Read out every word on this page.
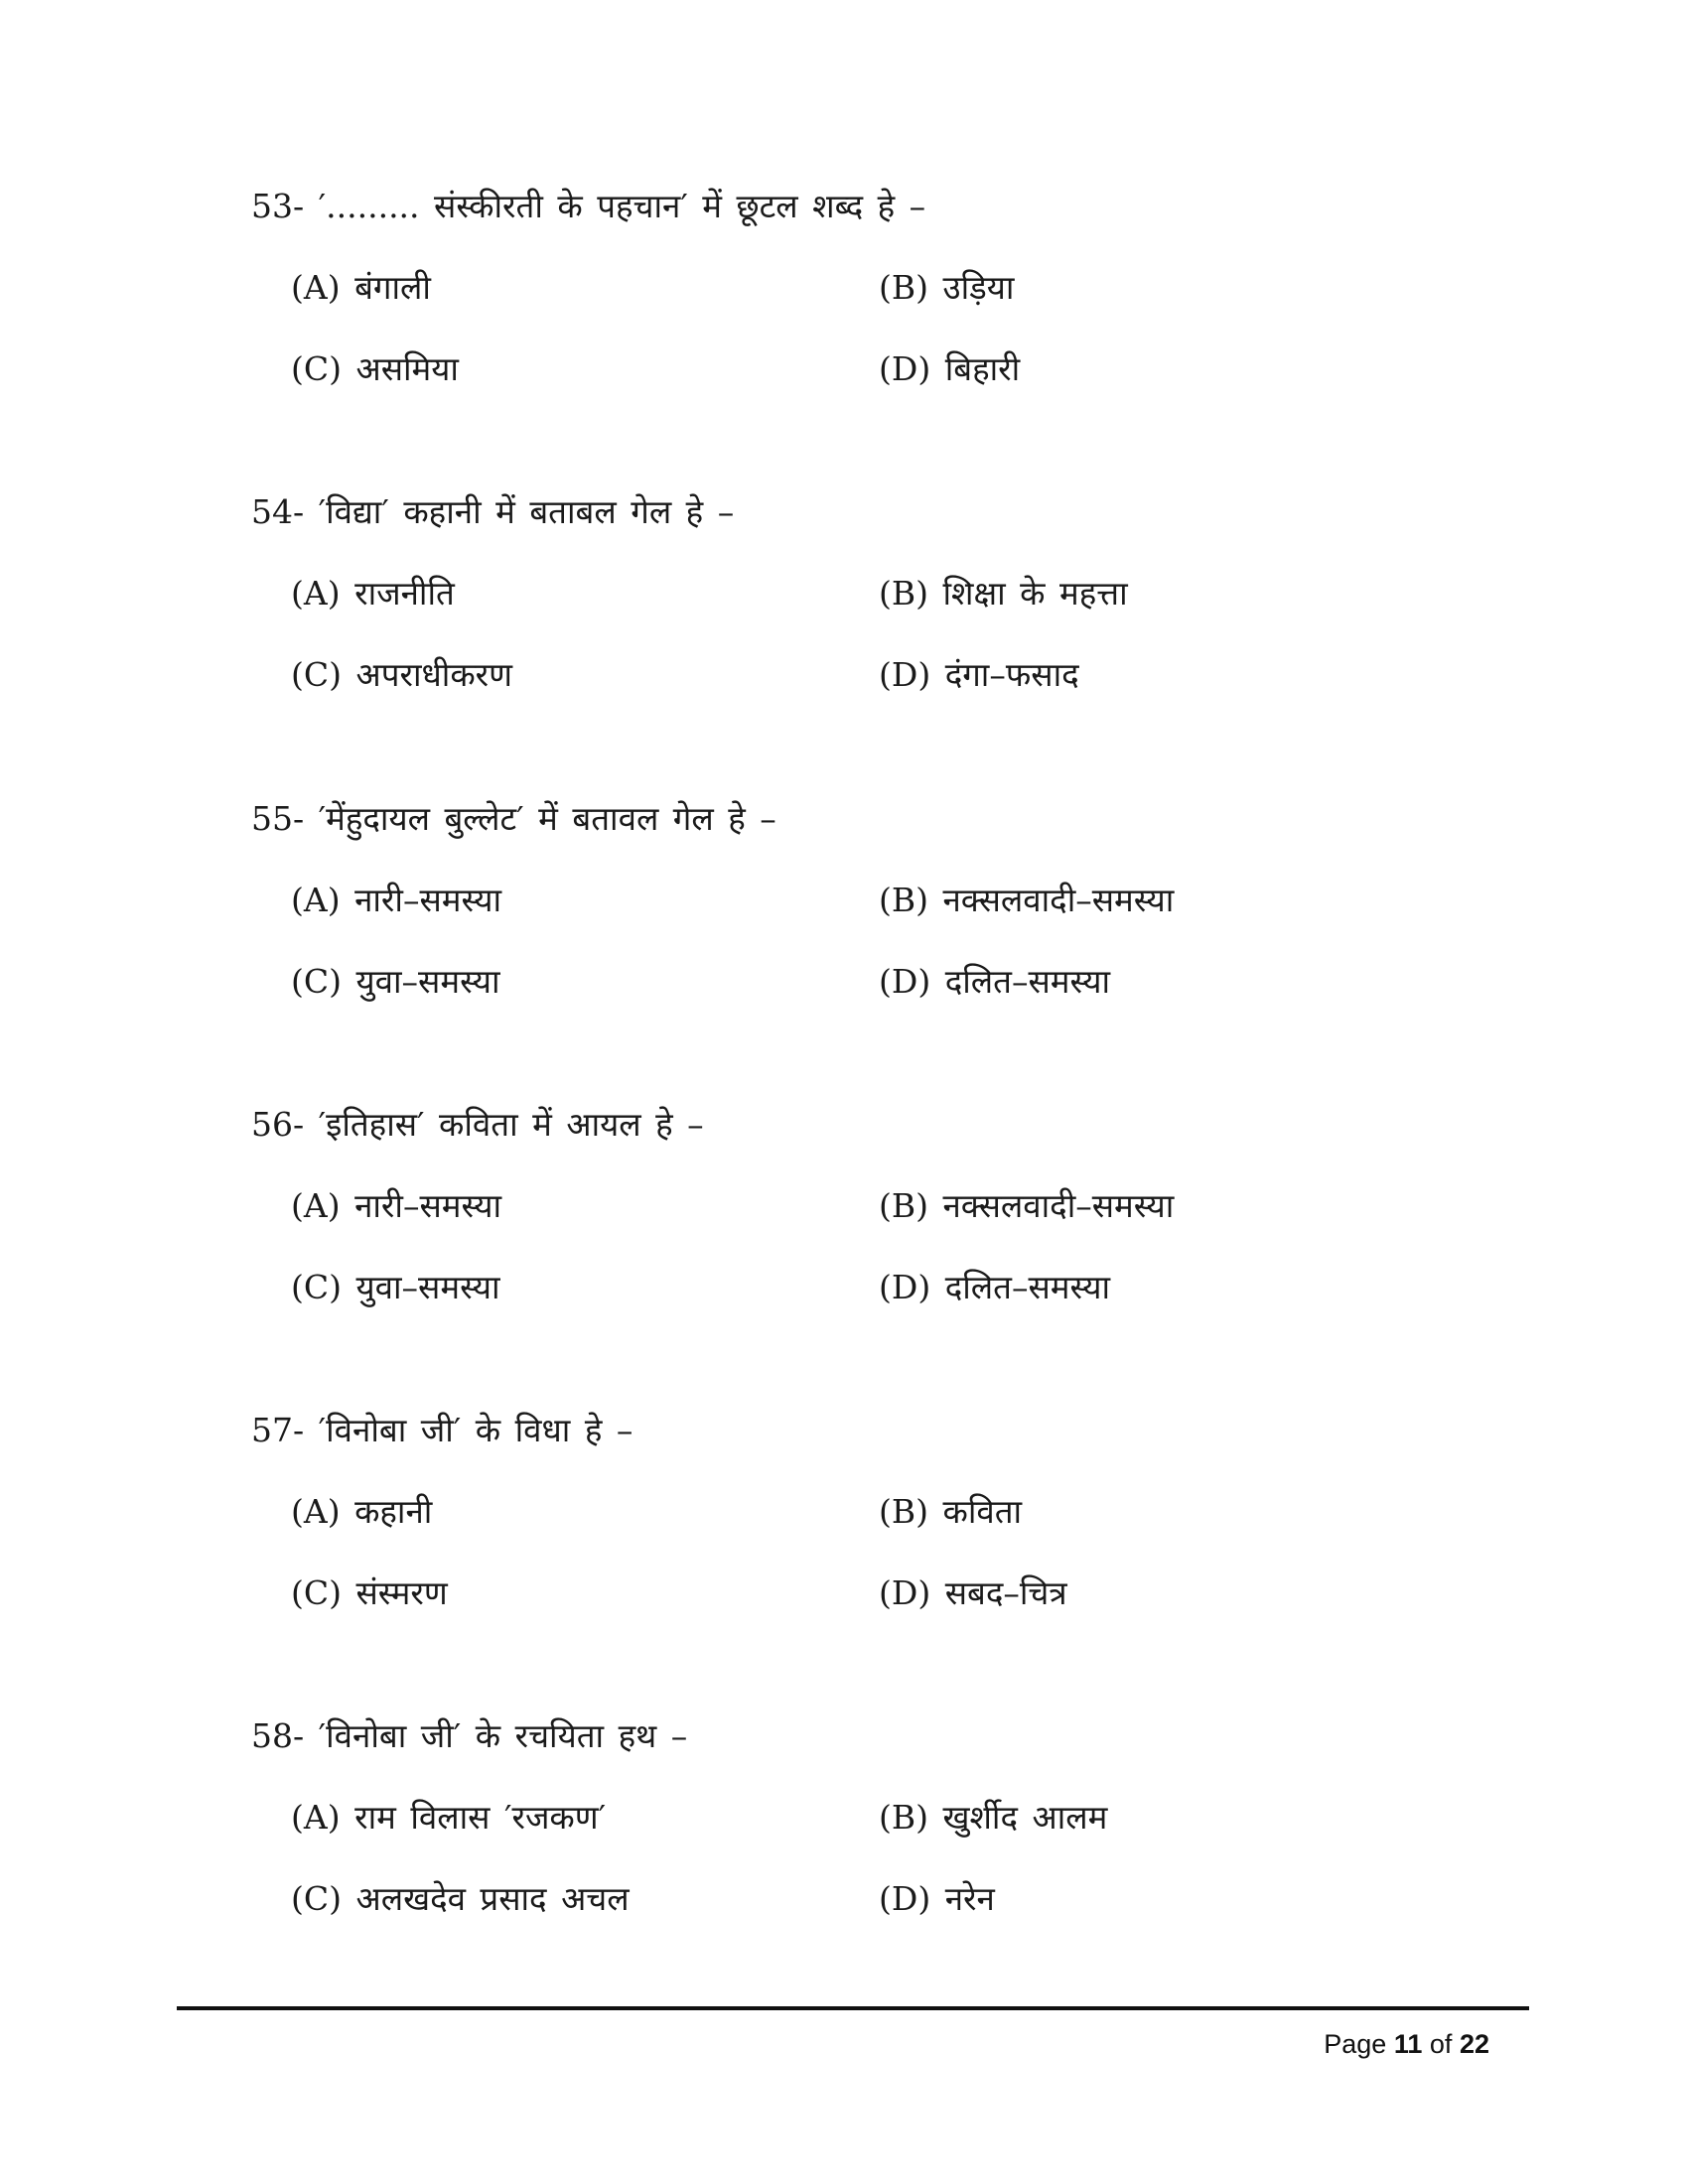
53- ′......... संस्कीरती के पहचान′ में छूटल शब्द हे –
(A) बंगाली	(B) उड़िया
(C) असमिया	(D) बिहारी
54- ′विद्या′ कहानी में बताबल गेल हे –
(A) राजनीति	(B) शिक्षा के महत्ता
(C) अपराधीकरण	(D) दंगा–फसाद
55- ′मेंहुदायल बुल्लेट′ में बतावल गेल हे –
(A) नारी–समस्या	(B) नक्सलवादी–समस्या
(C) युवा–समस्या	(D) दलित–समस्या
56- ′इतिहास′ कविता में आयल हे –
(A) नारी–समस्या	(B) नक्सलवादी–समस्या
(C) युवा–समस्या	(D) दलित–समस्या
57- ′विनोबा जी′ के विधा हे –
(A) कहानी	(B) कविता
(C) संस्मरण	(D) सबद–चित्र
58- ′विनोबा जी′ के रचयिता हथ –
(A) राम विलास ′रजकण′	(B) खुर्शीद आलम
(C) अलखदेव प्रसाद अचल	(D) नरेन
Page 11 of 22
